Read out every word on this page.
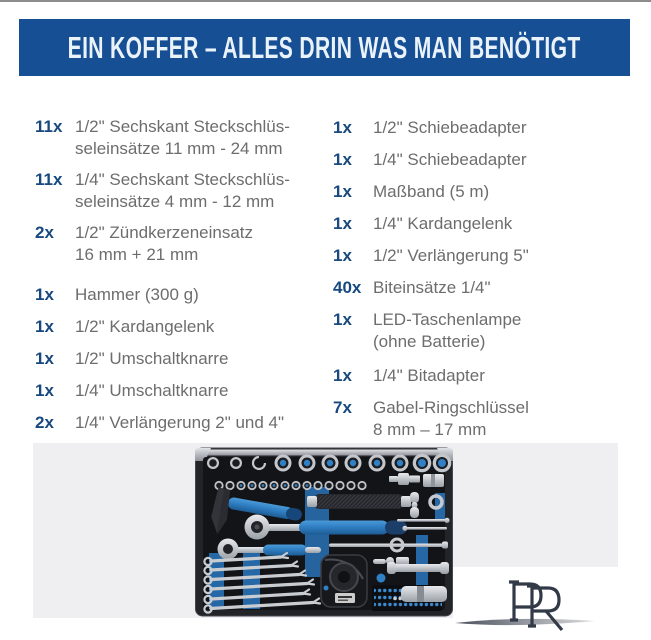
EIN KOFFER – ALLES DRIN WAS MAN BENÖTIGT
11x 1/2" Sechskant Steckschlüs-
seleinsätze 11 mm - 24 mm
11x 1/4" Sechskant Steckschlüs-
seleinsätze 4 mm - 12 mm
2x	1/2" Zündkerzeneinsatz
16 mm + 21 mm
1x	Hammer (300 g)
1x	1/2" Kardangelenk
1x	1/2" Umschaltknarre
1x	1/4" Umschaltknarre
2x	1/4" Verlängerung 2" und 4"
1x	1/2" Schiebeadapter
1x	1/4" Schiebeadapter
1x	Maßband (5 m)
1x	1/4" Kardangelenk
1x	1/2" Verlängerung 5"
40x Biteinsätze 1/4"
1x	LED-Taschenlampe
(ohne Batterie)
1x	1/4" Bitadapter
7x	Gabel-Ringschlüssel
8 mm – 17 mm
